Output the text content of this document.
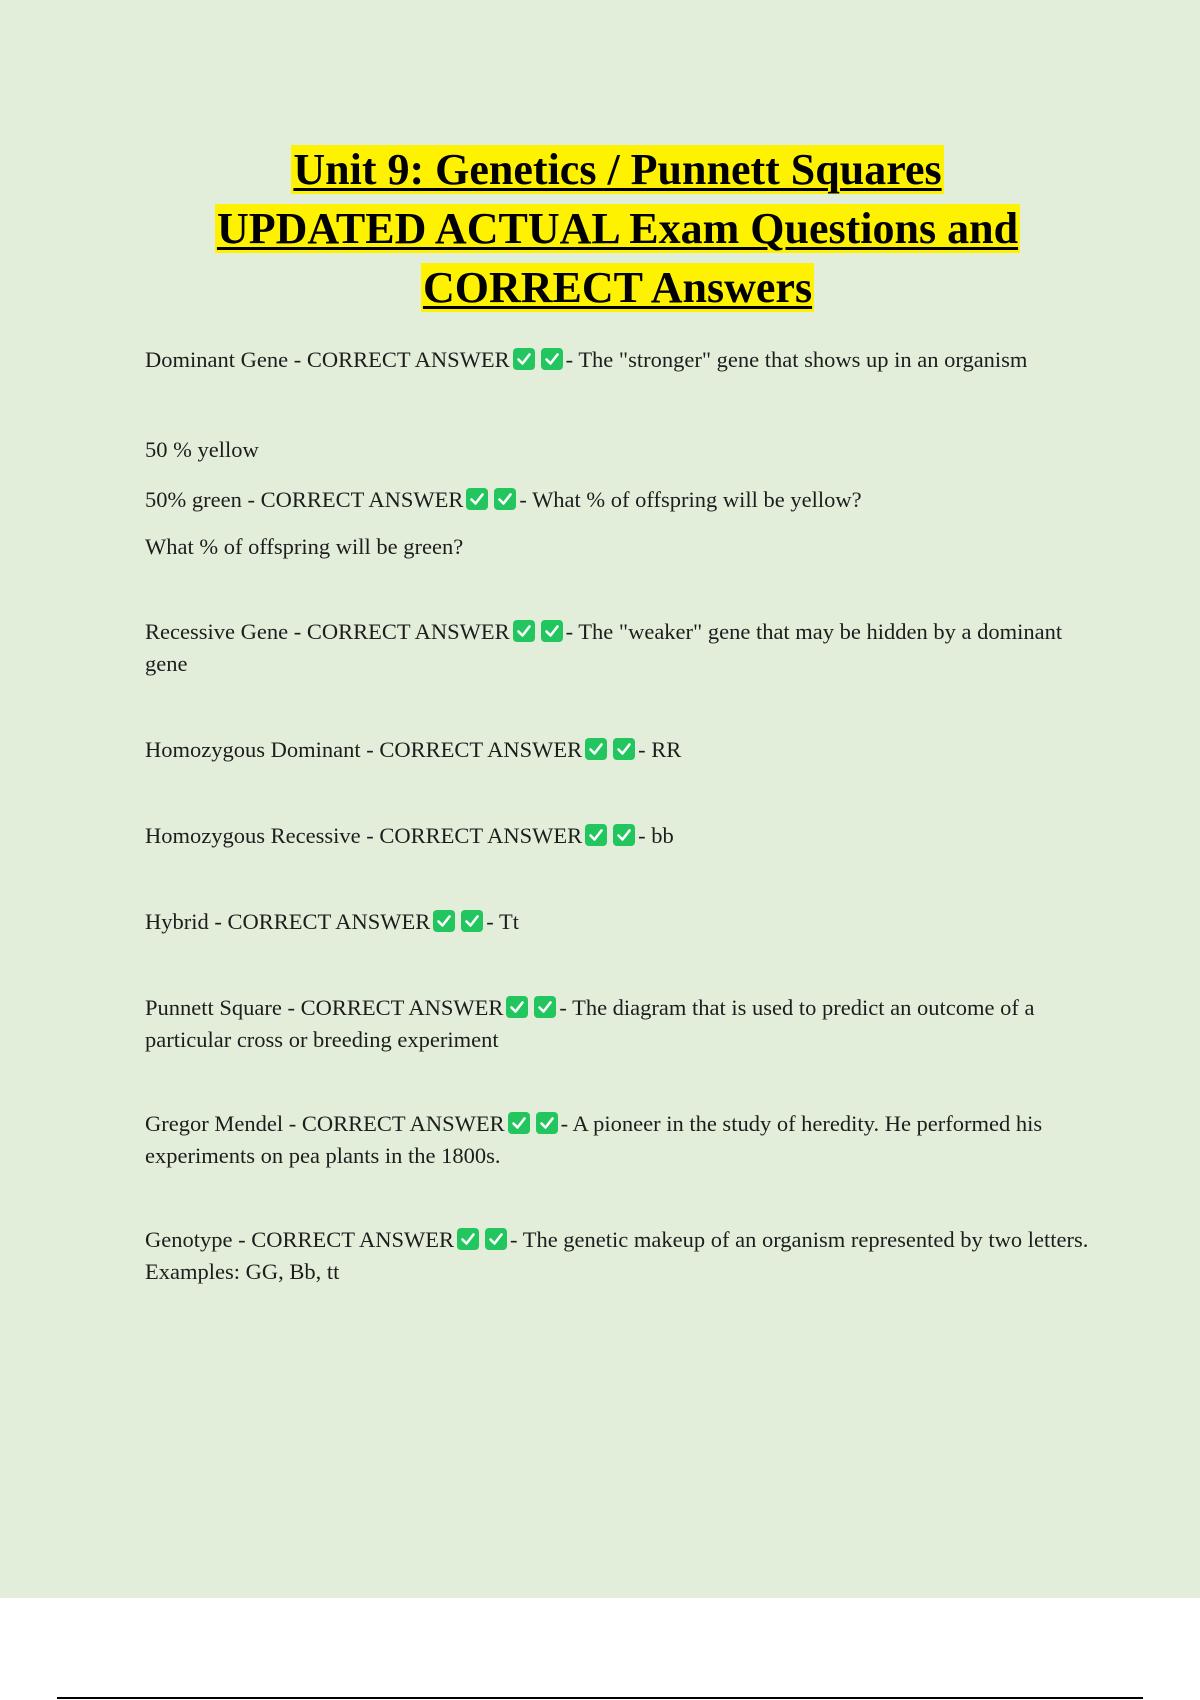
Unit 9: Genetics / Punnett Squares
UPDATED ACTUAL Exam Questions and
CORRECT Answers

Dominant Gene - CORRECT ANSWER - The "stronger" gene that shows up in an organism

50 % yellow

50% green - CORRECT ANSWER - What % of offspring will be yellow?

What % of offspring will be green?

Recessive Gene - CORRECT ANSWER - The "weaker" gene that may be hidden by a dominant gene

Homozygous Dominant - CORRECT ANSWER - RR

Homozygous Recessive - CORRECT ANSWER - bb

Hybrid - CORRECT ANSWER - Tt

Punnett Square - CORRECT ANSWER - The diagram that is used to predict an outcome of a particular cross or breeding experiment

Gregor Mendel - CORRECT ANSWER - A pioneer in the study of heredity. He performed his experiments on pea plants in the 1800s.

Genotype - CORRECT ANSWER - The genetic makeup of an organism represented by two letters. Examples: GG, Bb, tt
